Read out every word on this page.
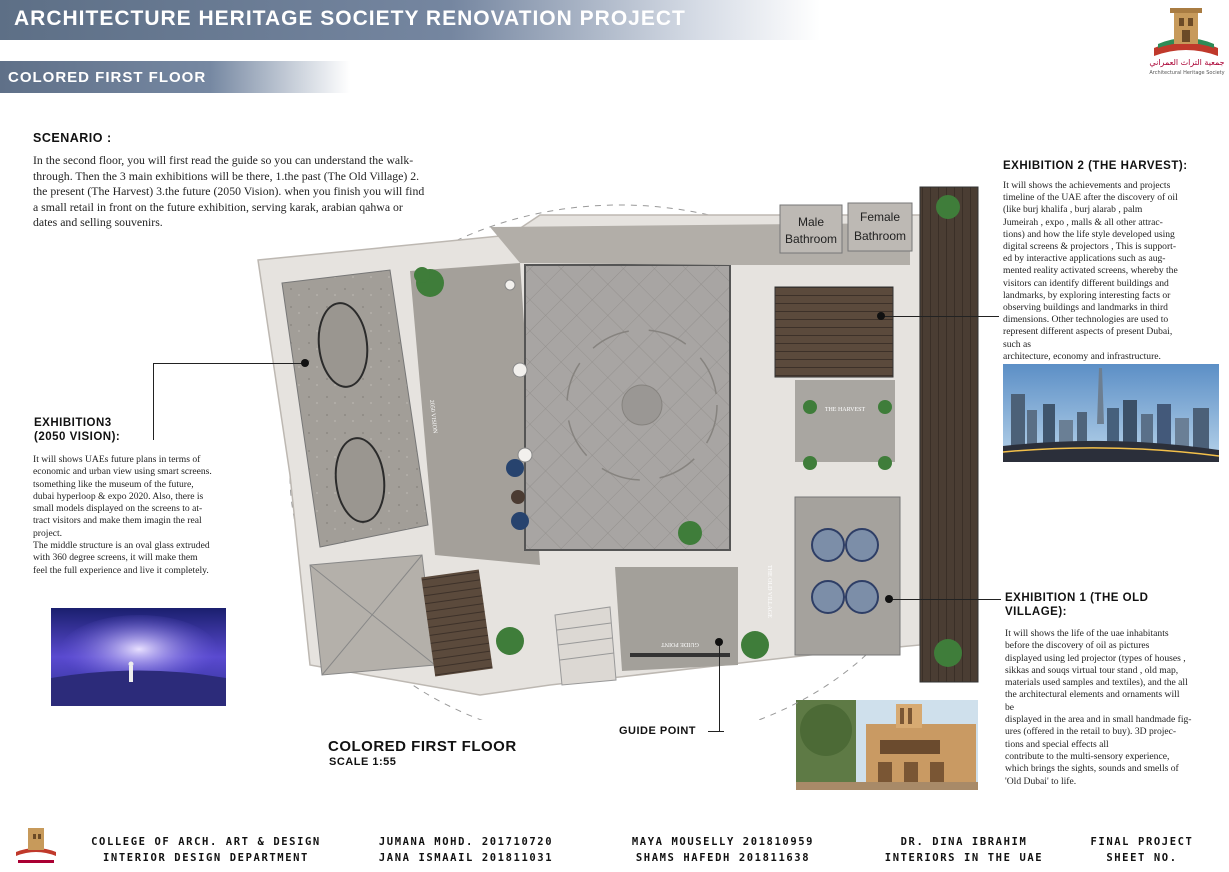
ARCHITECTURE HERITAGE SOCIETY RENOVATION PROJECT
COLORED FIRST FLOOR
جمعية التراث العمراني
Architectural Heritage Society
SCENARIO :
In the second floor, you will first read the guide so you can understand the walk-
through. Then the 3 main exhibitions will be there, 1.the past (The Old Village) 2.
the present (The Harvest) 3.the future (2050 Vision). when you finish you will find
a small retail in front on the future exhibition, serving karak, arabian qahwa or
dates and selling souvenirs.
EXHIBITION3
(2050 VISION):
It will shows UAEs future plans in terms of
economic and urban view using smart screens.
tsomething like the museum of the future,
dubai hyperloop & expo 2020. Also, there is
small models displayed on the screens to at-
tract visitors and make them imagin the real
project.
The middle structure is an oval glass extruded
with 360 degree screens, it will make them
feel the full experience and live it completely.
EXHIBITION 2 (THE HARVEST):
It will shows the achievements and projects
timeline of the UAE after the discovery of oil
(like burj khalifa , burj alarab , palm
Jumeirah , expo , malls & all other attrac-
tions) and how the life style developed using
digital screens & projectors , This is support-
ed by interactive applications such as aug-
mented reality activated screens, whereby the
visitors can identify different buildings and
landmarks, by exploring interesting facts or
observing buildings and landmarks in third
dimensions. Other technologies are used to
represent different aspects of present Dubai,
such as
architecture, economy and infrastructure.
EXHIBITION 1 (THE OLD
VILLAGE):
It will shows the life of the uae inhabitants
before the discovery of oil as pictures
displayed using led projector (types of houses ,
sikkas and souqs virtual tour stand , old map,
materials used samples and textiles), and the all
the architectural elements and ornaments will
be
displayed in the area and in small handmade fig-
ures (offered in the retail to buy). 3D projec-
tions and special effects all
contribute to the multi-sensory experience,
which brings the sights, sounds and smells of
'Old Dubai' to life.
Male
Bathroom
Female
Bathroom
THE HARVEST
GUIDE POINT
2050 VISION
THE OLD VILLAGE
GUIDE POINT
COLORED FIRST FLOOR
SCALE 1:55
COLLEGE OF ARCH. ART & DESIGN
INTERIOR DESIGN DEPARTMENT
JUMANA MOHD. 201710720
JANA ISMAAIL 201811031
MAYA MOUSELLY 201810959
SHAMS HAFEDH 201811638
DR. DINA IBRAHIM
INTERIORS IN THE UAE
FINAL PROJECT
SHEET NO.
